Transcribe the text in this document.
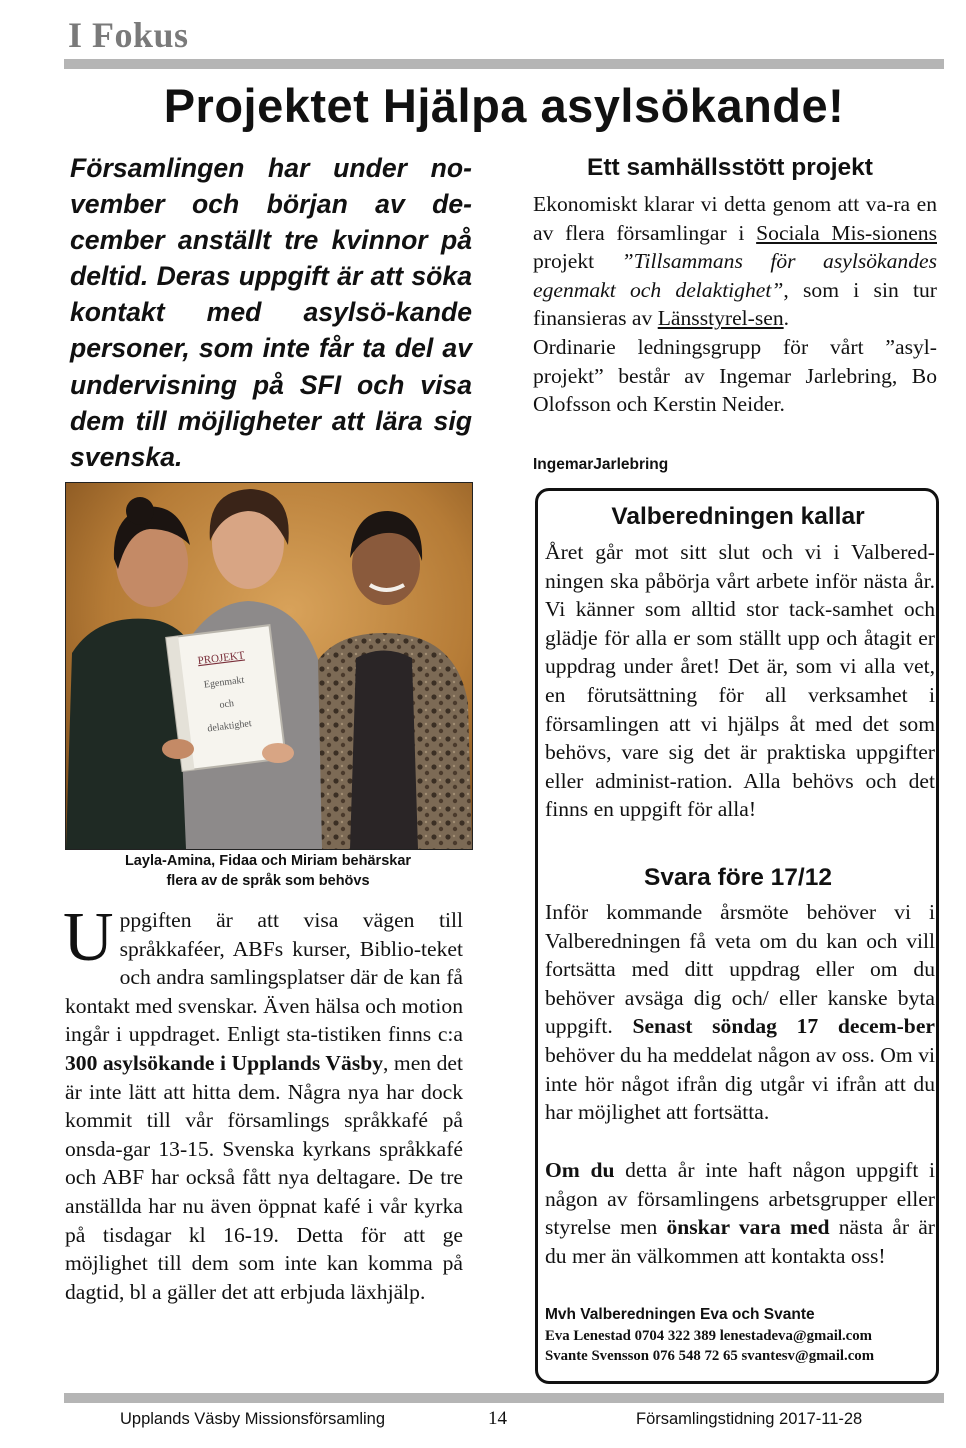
I Fokus
Projektet Hjälpa asylsökande!
Församlingen har under no-vember och början av de-cember anställt tre kvinnor på deltid. Deras uppgift är att söka kontakt med asylsö-kande personer, som inte får ta del av undervisning på SFI och visa dem till möjligheter att lära sig svenska.
PROJEKT
Egenmakt
och
delaktighet
Layla-Amina, Fidaa och Miriam behärskar
flera av de språk som behövs
Uppgiften är att visa vägen till språkkaféer, ABFs kurser, Biblio-teket och andra samlingsplatser där de kan få kontakt med svenskar. Även hälsa och motion ingår i uppdraget. Enligt sta-tistiken finns c:a 300 asylsökande i Upplands Väsby, men det är inte lätt att hitta dem. Några nya har dock kommit till vår församlings språkkafé på onsda-gar 13-15. Svenska kyrkans språkkafé och ABF har också fått nya deltagare. De tre anställda har nu även öppnat kafé i vår kyrka på tisdagar kl 16-19. Detta för att ge möjlighet till dem som inte kan komma på dagtid, bl a gäller det att erbjuda läxhjälp.
Ett samhällsstött projekt
Ekonomiskt klarar vi detta genom att va-ra en av flera församlingar i Sociala Mis-sionens projekt ”Tillsammans för asylsökandes egenmakt och delaktighet”, som i sin tur finansieras av Länsstyrel-sen.
Ordinarie ledningsgrupp för vårt ”asyl-projekt” består av Ingemar Jarlebring, Bo Olofsson och Kerstin Neider.
IngemarJarlebring
Valberedningen kallar
Året går mot sitt slut och vi i Valbered-ningen ska påbörja vårt arbete inför nästa år. Vi känner som alltid stor tack-samhet och glädje för alla er som ställt upp och åtagit er uppdrag under året! Det är, som vi alla vet, en förutsättning för all verksamhet i församlingen att vi hjälps åt med det som behövs, vare sig det är praktiska uppgifter eller administ-ration. Alla behövs och det finns en uppgift för alla!
Svara före 17/12
Inför kommande årsmöte behöver vi i Valberedningen få veta om du kan och vill fortsätta med ditt uppdrag eller om du behöver avsäga dig och/ eller kanske byta uppgift. Senast söndag 17 decem-ber behöver du ha meddelat någon av oss. Om vi inte hör något ifrån dig utgår vi ifrån att du har möjlighet att fortsätta.
Om du detta år inte haft någon uppgift i någon av församlingens arbetsgrupper eller styrelse men önskar vara med nästa år är du mer än välkommen att kontakta oss!
Mvh Valberedningen Eva och Svante
Eva Lenestad 0704 322 389 lenestadeva@gmail.com
Svante Svensson 076 548 72 65 svantesv@gmail.com
Upplands Väsby Missionsförsamling	14	Församlingstidning 2017-11-28
